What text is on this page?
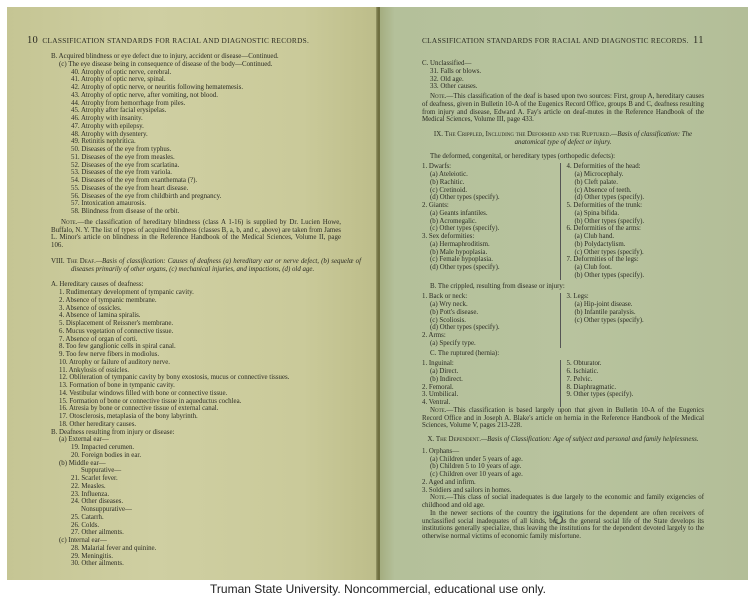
10 CLASSIFICATION STANDARDS FOR RACIAL AND DIAGNOSTIC RECORDS.
B. Acquired blindness or eye defect due to injury, accident or disease—Continued.
(c) The eye disease being in consequence of disease of the body—Continued.
40. Atrophy of optic nerve, cerebral.
41. Atrophy of optic nerve, spinal.
42. Atrophy of optic nerve, or neuritis following hematemesis.
43. Atrophy of optic nerve, after vomiting, not blood.
44. Atrophy from hemorrhage from piles.
45. Atrophy after facial erysipelas.
46. Atrophy with insanity.
47. Atrophy with epilepsy.
48. Atrophy with dysentery.
49. Retinitis nephritica.
50. Diseases of the eye from typhus.
51. Diseases of the eye from measles.
52. Diseases of the eye from scarlatina.
53. Diseases of the eye from variola.
54. Diseases of the eye from exanthemata (?).
55. Diseases of the eye from heart disease.
56. Diseases of the eye from childbirth and pregnancy.
57. Intoxication amaurosis.
58. Blindness from disease of the orbit.
Note.—the classification of hereditary blindness (class A 1-16) is supplied by Dr. Lucien Howe, Buffalo, N. Y. The list of types of acquired blindness (classes B, a, b, and c, above) are taken from James L. Minor's article on blindness in the Reference Handbook of the Medical Sciences, Volume II, page 106.
VIII. The Deaf.—Basis of classification: Causes of deafness (a) hereditary ear or nerve defect, (b) sequelæ of diseases primarily of other organs, (c) mechanical injuries, and impactions, (d) old age.
A. Hereditary causes of deafness:
1. Rudimentary development of tympanic cavity.
2. Absence of tympanic membrane.
3. Absence of ossicles.
4. Absence of lamina spiralis.
5. Displacement of Reissner's membrane.
6. Mucus vegetation of connective tissue.
7. Absence of organ of corti.
8. Too few ganglionic cells in spiral canal.
9. Too few nerve fibers in modiolus.
10. Atrophy or failure of auditory nerve.
11. Ankylosis of ossicles.
12. Obliteration of tympanic cavity by bony exostosis, mucus or connective tissues.
13. Formation of bone in tympanic cavity.
14. Vestibular windows filled with bone or connective tissue.
15. Formation of bone or connective tissue in aqueductus cochlea.
16. Atresia by bone or connective tissue of external canal.
17. Otosclerosis, metaplasia of the bony labyrinth.
18. Other hereditary causes.
B. Deafness resulting from injury or disease:
(a) External ear—
19. Impacted cerumen.
20. Foreign bodies in ear.
(b) Middle ear—
Suppurative—
21. Scarlet fever.
22. Measles.
23. Influenza.
24. Other diseases.
Nonsuppurative—
25. Catarrh.
26. Colds.
27. Other ailments.
(c) Internal ear—
28. Malarial fever and quinine.
29. Meningitis.
30. Other ailments.
CLASSIFICATION STANDARDS FOR RACIAL AND DIAGNOSTIC RECORDS. 11
C. Unclassified—
31. Falls or blows.
32. Old age.
33. Other causes.
Note.—This classification of the deaf is based upon two sources: First, group A, hereditary causes of deafness, given in Bulletin 10-A of the Eugenics Record Office, groups B and C, deafness resulting from injury and disease, Edward A. Fay's article on deaf-mutes in the Reference Handbook of the Medical Sciences, Volume III, page 433.
IX. The Crippled, Including the Deformed and the Ruptured.—Basis of classification: The anatomical type of defect or injury.
The deformed, congenital, or hereditary types (orthopedic defects):
1. Dwarfs:
(a) Ateleiotic.
(b) Rachitic.
(c) Cretinoid.
(d) Other types (specify).
2. Giants:
(a) Geants infantiles.
(b) Acromegalic.
(c) Other types (specify).
3. Sex deformities:
(a) Hermaphroditism.
(b) Male hypoplasia.
(c) Female hypoplasia.
(d) Other types (specify).
4. Deformities of the head:
(a) Microcephaly.
(b) Cleft palate.
(c) Absence of teeth.
(d) Other types (specify).
5. Deformities of the trunk:
(a) Spina bifida.
(b) Other types (specify).
6. Deformities of the arms:
(a) Club hand.
(b) Polydactylism.
(c) Other types (specify).
7. Deformities of the legs:
(a) Club foot.
(b) Other types (specify).
B. The crippled, resulting from disease or injury:
1. Back or neck:
(a) Wry neck.
(b) Pott's disease.
(c) Scoliosis.
(d) Other types (specify).
2. Arms:
(a) Specify type.
3. Legs:
(a) Hip-joint disease.
(b) Infantile paralysis.
(c) Other types (specify).
C. The ruptured (hernia):
1. Inguinal:
(a) Direct.
(b) Indirect.
2. Femoral.
3. Umbilical.
4. Ventral.
5. Obturator.
6. Ischiatic.
7. Pelvic.
8. Diaphragmatic.
9. Other types (specify).
Note.—This classification is based largely upon that given in Bulletin 10-A of the Eugenics Record Office and in Joseph A. Blake's article on hernia in the Reference Handbook of the Medical Sciences, Volume V, pages 213-228.
X. The Dependent.—Basis of Classification: Age of subject and personal and family helplessness.
1. Orphans—
(a) Children under 5 years of age.
(b) Children 5 to 10 years of age.
(c) Children over 10 years of age.
2. Aged and infirm.
3. Soldiers and sailors in homes.
Note.—This class of social inadequates is due largely to the economic and family exigencies of childhood and old age.
In the newer sections of the country the institutions for the dependent are often receivers of unclassified social inadequates of all kinds, but as the general social life of the State develops its institutions generally specialize, thus leaving the institutions for the dependent devoted largely to the otherwise normal victims of economic family misfortune.
Truman State University. Noncommercial, educational use only.
